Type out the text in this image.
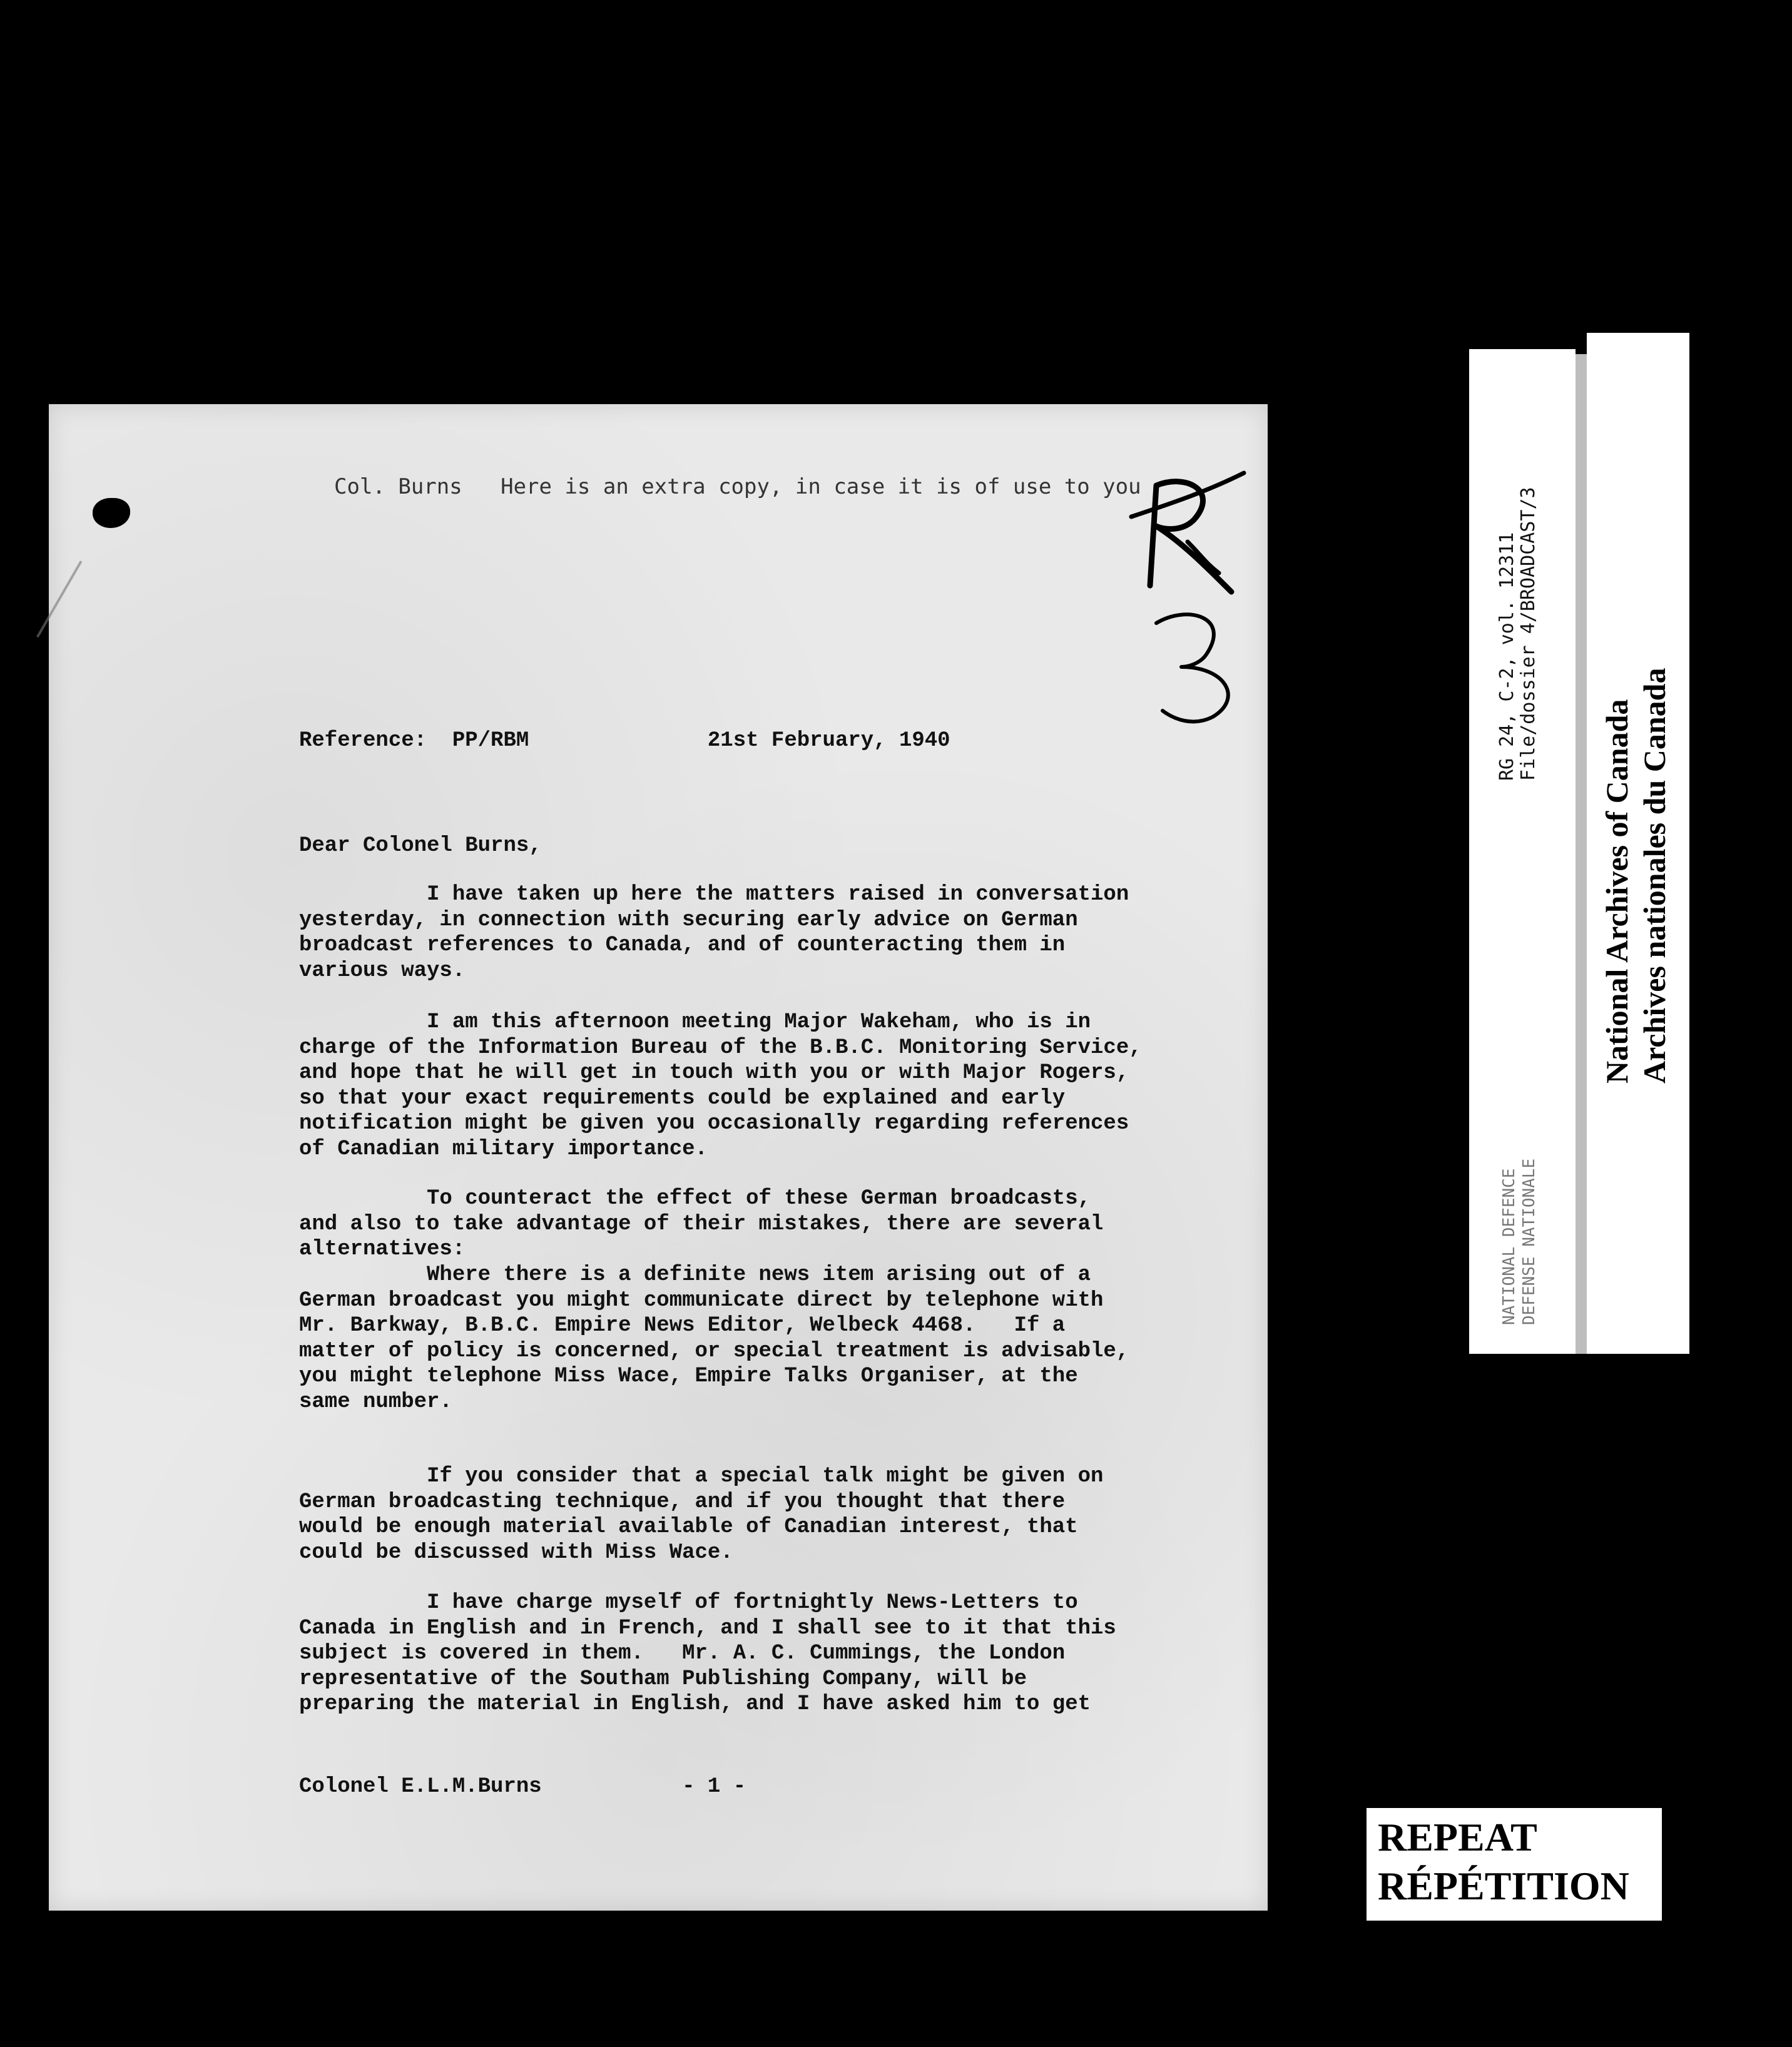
Col. Burns   Here is an extra copy, in case it is of use to you
Reference:  PP/RBM              21st February, 1940
Dear Colonel Burns,
I have taken up here the matters raised in conversation
yesterday, in connection with securing early advice on German
broadcast references to Canada, and of counteracting them in
various ways.
I am this afternoon meeting Major Wakeham, who is in
charge of the Information Bureau of the B.B.C. Monitoring Service,
and hope that he will get in touch with you or with Major Rogers,
so that your exact requirements could be explained and early
notification might be given you occasionally regarding references
of Canadian military importance.
To counteract the effect of these German broadcasts,
and also to take advantage of their mistakes, there are several
alternatives:
Where there is a definite news item arising out of a
German broadcast you might communicate direct by telephone with
Mr. Barkway, B.B.C. Empire News Editor, Welbeck 4468.   If a
matter of policy is concerned, or special treatment is advisable,
you might telephone Miss Wace, Empire Talks Organiser, at the
same number.
If you consider that a special talk might be given on
German broadcasting technique, and if you thought that there
would be enough material available of Canadian interest, that
could be discussed with Miss Wace.
I have charge myself of fortnightly News-Letters to
Canada in English and in French, and I shall see to it that this
subject is covered in them.   Mr. A. C. Cummings, the London
representative of the Southam Publishing Company, will be
preparing the material in English, and I have asked him to get
Colonel E.L.M.Burns           - 1 -
RG 24, C-2, vol. 12311
File/dossier 4/BROADCAST/3
NATIONAL DEFENCE
DEFENSE NATIONALE
National Archives of Canada
Archives nationales du Canada
REPEAT
RÉPÉTITION
